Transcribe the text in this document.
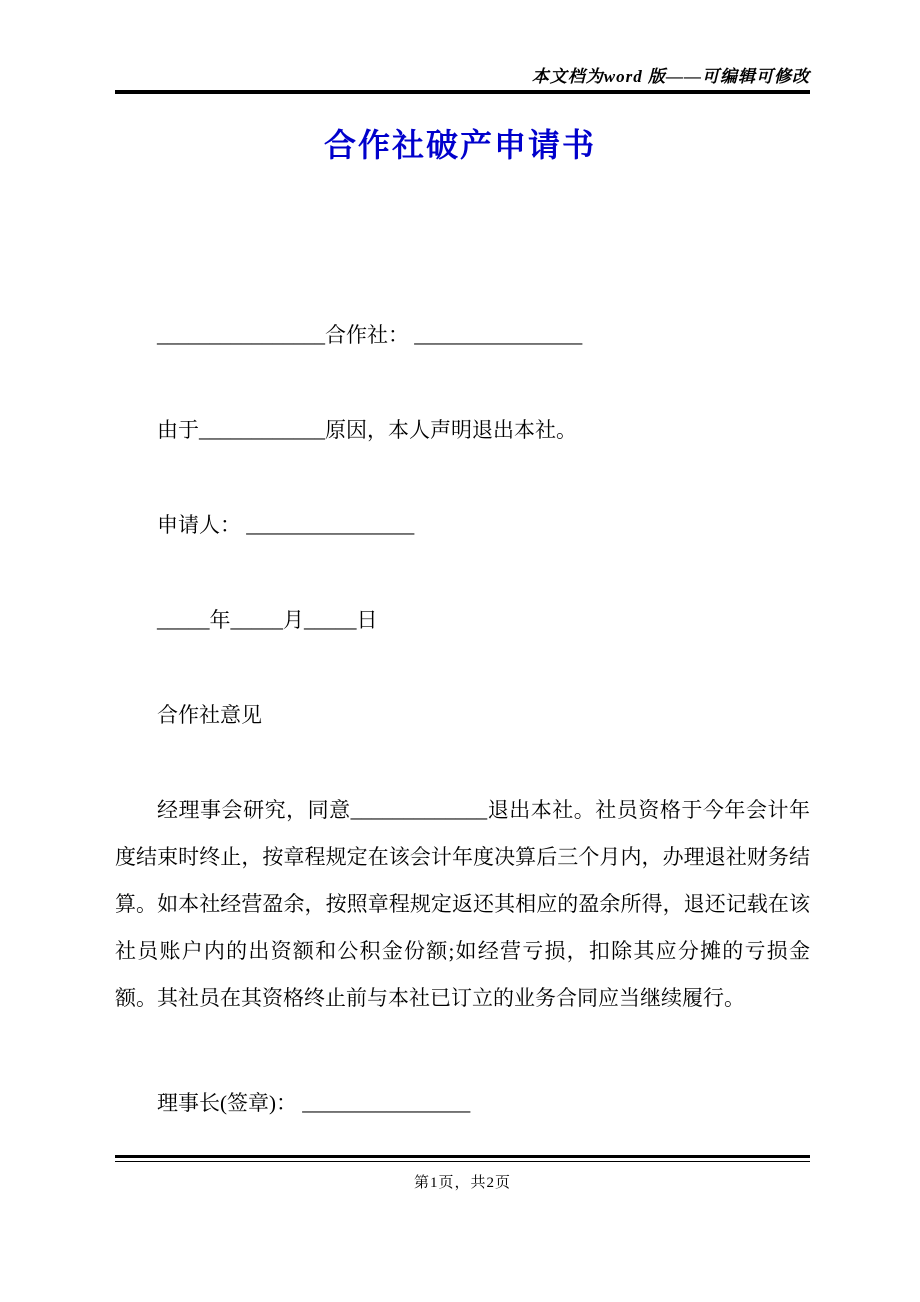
本文档为word 版——可编辑可修改
合作社破产申请书

________________合作社： ________________

由于____________原因，本人声明退出本社。

申请人： ________________

_____年_____月_____日

合作社意见

经理事会研究，同意_____________退出本社。社员资格于今年会计年度结束时终止，按章程规定在该会计年度决算后三个月内，办理退社财务结算。如本社经营盈余，按照章程规定返还其相应的盈余所得，退还记载在该社员账户内的出资额和公积金份额;如经营亏损，扣除其应分摊的亏损金额。其社员在其资格终止前与本社已订立的业务合同应当继续履行。

理事长(签章)： ________________

第1页，共2页
